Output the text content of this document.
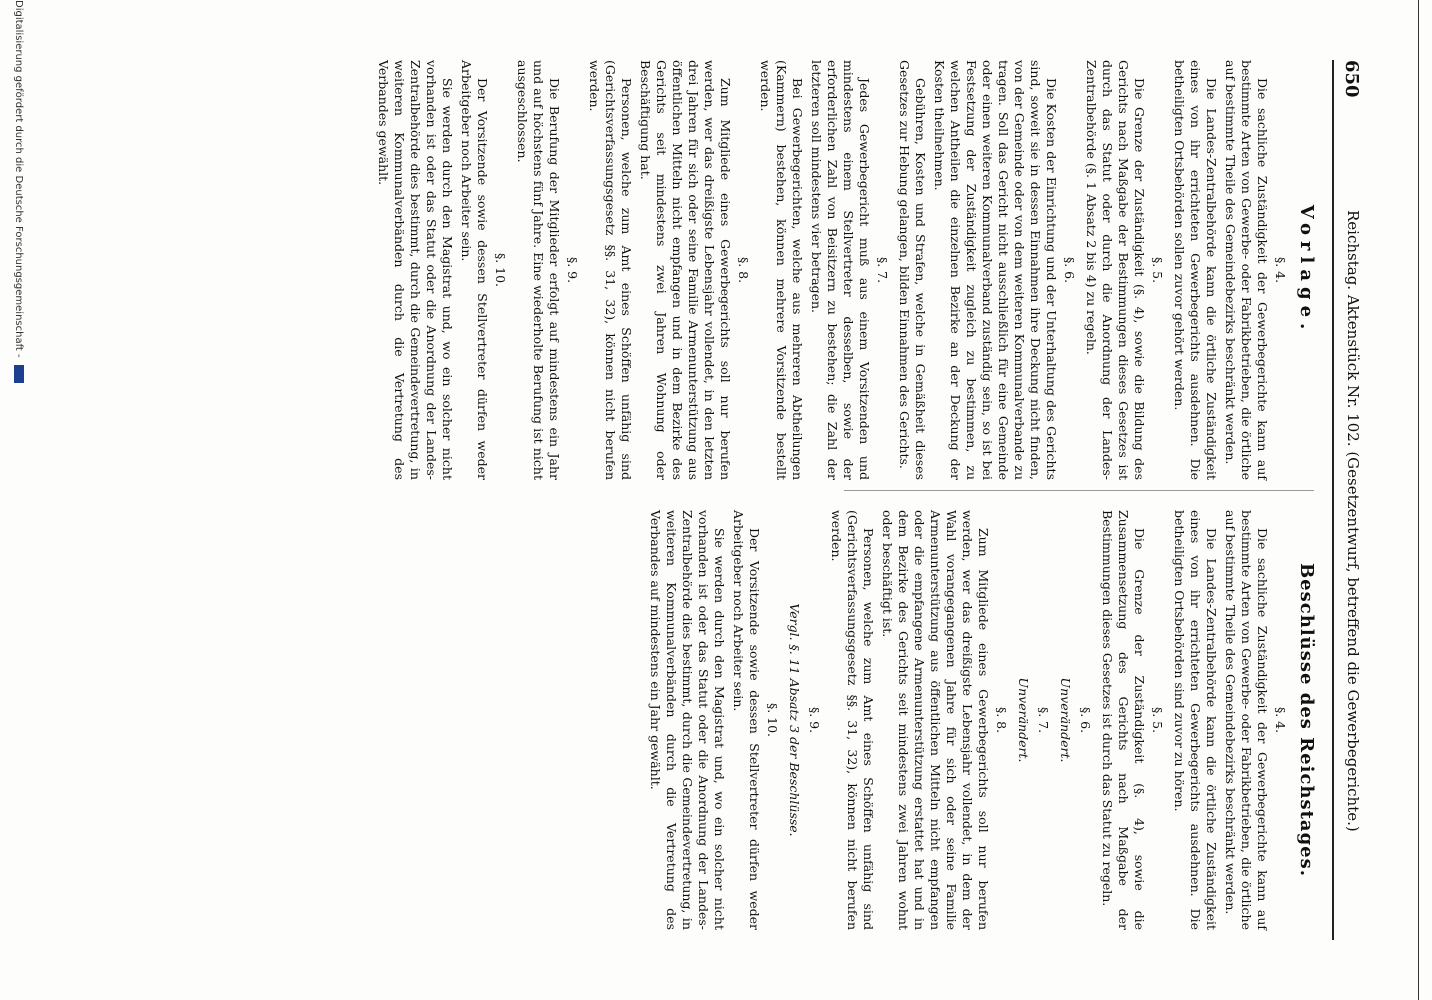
650
Reichstag. Aktenstück Nr. 102. (Gesetzentwurf, betreffend die Gewerbegerichte.)
Vorlage.
§. 4.

Die sachliche Zuständigkeit der Gewerbegerichte kann auf bestimmte Arten von Gewerbe- oder Fabrikbetrieben, die örtliche auf bestimmte Theile des Gemeindebezirks beschränkt werden.

Die Landes-Zentralbehörde kann die örtliche Zuständigkeit eines von ihr errichteten Gewerbegerichts ausdehnen. Die betheiligten Ortsbehörden sollen zuvor gehört werden.

§. 5.

Die Grenze der Zuständigkeit (§. 4), sowie die Bildung des Gerichts nach Maßgabe der Bestimmungen dieses Gesetzes ist durch das Statut oder durch die Anordnung der Landes-Zentralbehörde (§. 1 Absatz 2 bis 4) zu regeln.

§. 6.

Die Kosten der Einrichtung und der Unterhaltung des Gerichts sind, soweit sie in dessen Einnahmen ihre Deckung nicht finden, von der Gemeinde oder von dem weiteren Kommunalverbande zu tragen. Soll das Gericht nicht ausschließlich für eine Gemeinde oder einen weiteren Kommunalverband zuständig sein, so ist bei Festsetzung der Zuständigkeit zugleich zu bestimmen, zu welchen Antheilen die einzelnen Bezirke an der Deckung der Kosten theilnehmen.

Gebühren, Kosten und Strafen, welche in Gemäßheit dieses Gesetzes zur Hebung gelangen, bilden Einnahmen des Gerichts.

§. 7.

Jedes Gewerbegericht muß aus einem Vorsitzenden und mindestens einem Stellvertreter desselben, sowie der erforderlichen Zahl von Beisitzern zu bestehen; die Zahl der letzteren soll mindestens vier betragen.

Bei Gewerbegerichten, welche aus mehreren Abtheilungen (Kammern) bestehen, können mehrere Vorsitzende bestellt werden.

§. 8.

Zum Mitgliede eines Gewerbegerichts soll nur berufen werden, wer das dreißigste Lebensjahr vollendet, in den letzten drei Jahren für sich oder seine Familie Armenunterstützung aus öffentlichen Mitteln nicht empfangen und in dem Bezirke des Gerichts seit mindestens zwei Jahren Wohnung oder Beschäftigung hat.

Personen, welche zum Amt eines Schöffen unfähig sind (Gerichtsverfassungsgesetz §§. 31, 32), können nicht berufen werden.

§. 9.

Die Berufung der Mitglieder erfolgt auf mindestens ein Jahr und auf höchstens fünf Jahre. Eine wiederholte Berufung ist nicht ausgeschlossen.

§. 10.

Der Vorsitzende sowie dessen Stellvertreter dürfen weder Arbeitgeber noch Arbeiter sein.

Sie werden durch den Magistrat und, wo ein solcher nicht vorhanden ist oder das Statut oder die Anordnung der Landes-Zentralbehörde dies bestimmt, durch die Gemeindevertretung, in weiteren Kommunalverbänden durch die Vertretung des Verbandes gewählt.

Beschlüsse des Reichstages.
§. 4.

Die sachliche Zuständigkeit der Gewerbegerichte kann auf bestimmte Arten von Gewerbe- oder Fabrikbetrieben, die örtliche auf bestimmte Theile des Gemeindebezirks beschränkt werden.

Die Landes-Zentralbehörde kann die örtliche Zuständigkeit eines von ihr errichteten Gewerbegerichts ausdehnen. Die betheiligten Ortsbehörden sind zuvor zu hören.

§. 5.

Die Grenze der Zuständigkeit (§. 4), sowie die Zusammensetzung des Gerichts nach Maßgabe der Bestimmungen dieses Gesetzes ist durch das Statut zu regeln.

§. 6.
Unverändert.
§. 7.
Unverändert.
§. 8.

Zum Mitgliede eines Gewerbegerichts soll nur berufen werden, wer das dreißigste Lebensjahr vollendet, in dem der Wahl vorangegangenen Jahre für sich oder seine Familie Armenunterstützung aus öffentlichen Mitteln nicht empfangen oder die empfangene Armenunterstützung erstattet hat und in dem Bezirke des Gerichts seit mindestens zwei Jahren wohnt oder beschäftigt ist.

Personen, welche zum Amt eines Schöffen unfähig sind (Gerichtsverfassungsgesetz §§. 31, 32), können nicht berufen werden.

§. 9.
Vergl. §. 11 Absatz 3 der Beschlüsse.
§. 10.

Der Vorsitzende sowie dessen Stellvertreter dürfen weder Arbeitgeber noch Arbeiter sein.

Sie werden durch den Magistrat und, wo ein solcher nicht vorhanden ist oder das Statut oder die Anordnung der Landes-Zentralbehörde dies bestimmt, durch die Gemeindevertretung, in weiteren Kommunalverbänden durch die Vertretung des Verbandes auf mindestens ein Jahr gewählt.

Digitalisierung gefördert durch die Deutsche Forschungsgemeinschaft -
